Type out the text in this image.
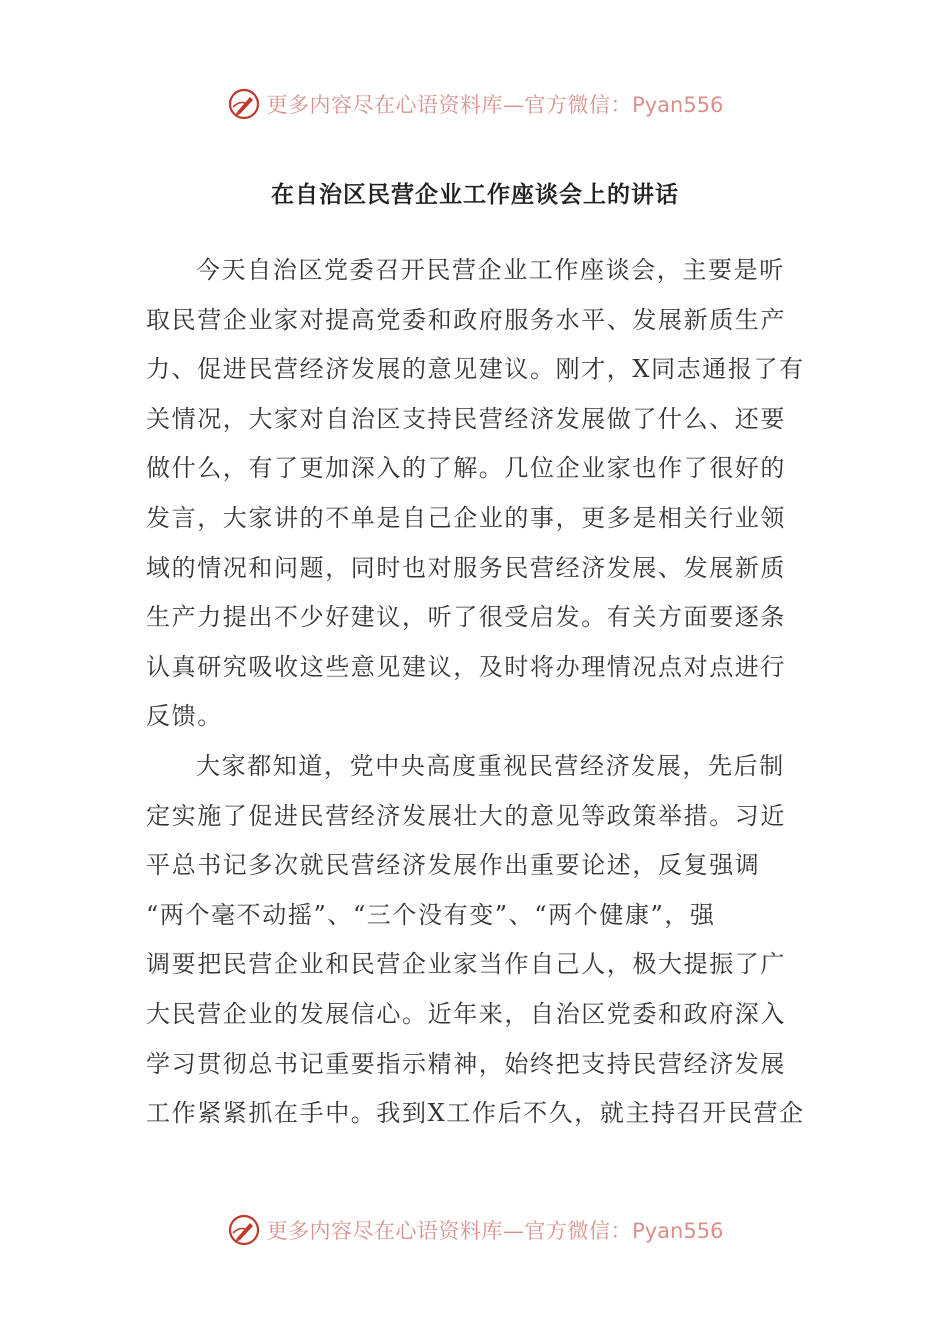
更多内容尽在心语资料库—官方微信：Pyan556
在自治区民营企业工作座谈会上的讲话

今天自治区党委召开民营企业工作座谈会，主要是听
取民营企业家对提高党委和政府服务水平、发展新质生产
力、促进民营经济发展的意见建议。刚才，X同志通报了有
关情况，大家对自治区支持民营经济发展做了什么、还要
做什么，有了更加深入的了解。几位企业家也作了很好的
发言，大家讲的不单是自己企业的事，更多是相关行业领
域的情况和问题，同时也对服务民营经济发展、发展新质
生产力提出不少好建议，听了很受启发。有关方面要逐条
认真研究吸收这些意见建议，及时将办理情况点对点进行
反馈。

大家都知道，党中央高度重视民营经济发展，先后制
定实施了促进民营经济发展壮大的意见等政策举措。习近
平总书记多次就民营经济发展作出重要论述，反复强调
“两个毫不动摇”、“三个没有变”、“两个健康”，强
调要把民营企业和民营企业家当作自己人，极大提振了广
大民营企业的发展信心。近年来，自治区党委和政府深入
学习贯彻总书记重要指示精神，始终把支持民营经济发展
工作紧紧抓在手中。我到X工作后不久，就主持召开民营企

更多内容尽在心语资料库—官方微信：Pyan556
